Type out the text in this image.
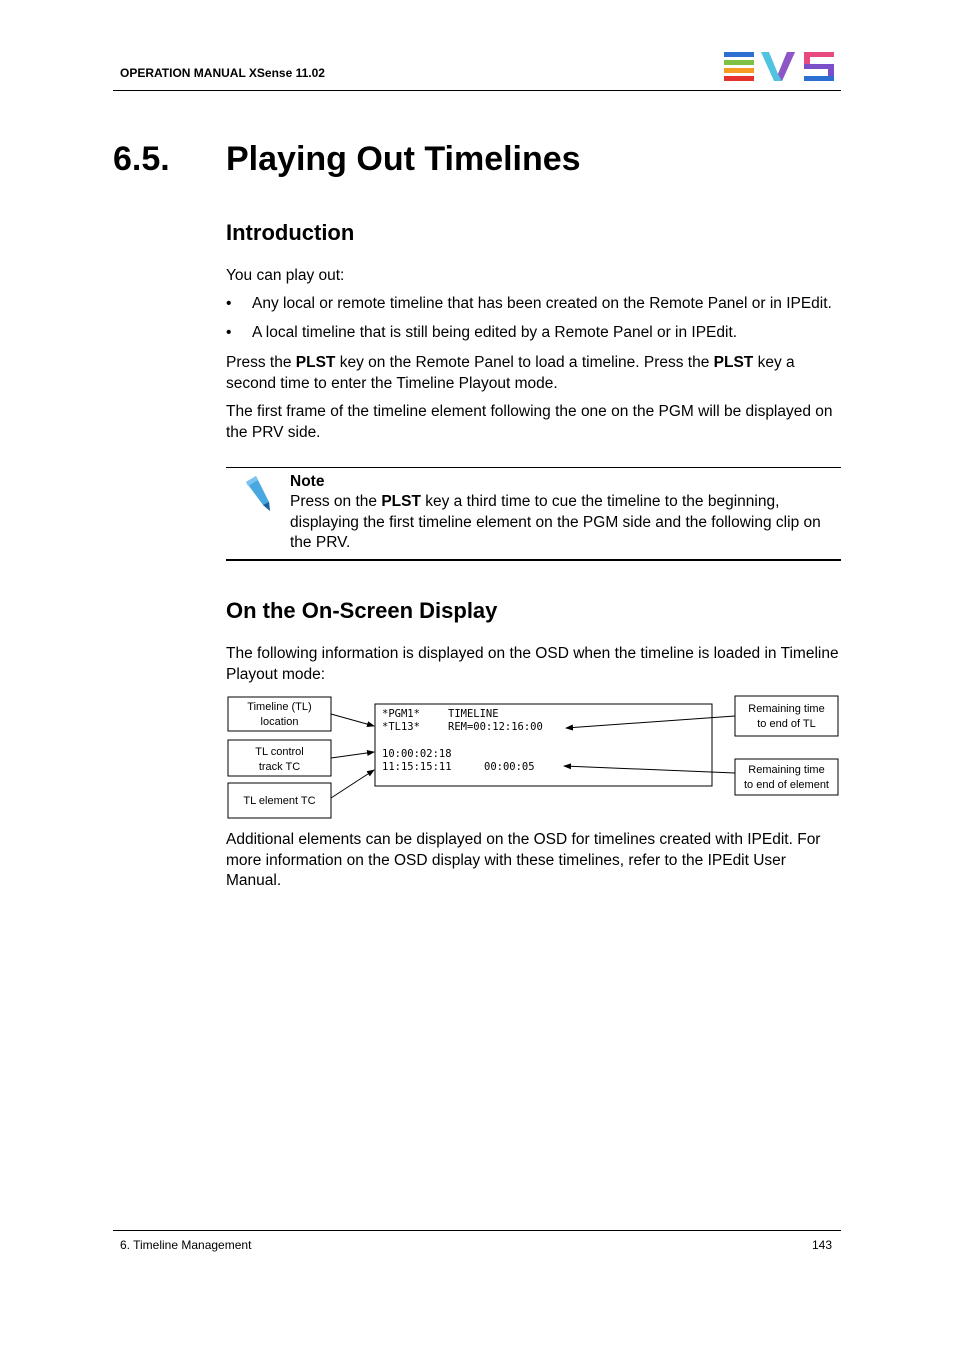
OPERATION MANUAL XSense 11.02
6.5. Playing Out Timelines
Introduction
You can play out:
• Any local or remote timeline that has been created on the Remote Panel or in IPEdit.
• A local timeline that is still being edited by a Remote Panel or in IPEdit.
Press the PLST key on the Remote Panel to load a timeline. Press the PLST key a second time to enter the Timeline Playout mode.
The first frame of the timeline element following the one on the PGM will be displayed on the PRV side.
Note
Press on the PLST key a third time to cue the timeline to the beginning, displaying the first timeline element on the PGM side and the following clip on the PRV.
On the On-Screen Display
The following information is displayed on the OSD when the timeline is loaded in Timeline Playout mode:
Timeline (TL)
location
TL control
track TC
TL element TC
*PGM1*	TIMELINE
*TL13*	REM=00:12:16:00
10:00:02:18
11:15:15:11	00:00:05
Remaining time
to end of TL
Remaining time
to end of element
Additional elements can be displayed on the OSD for timelines created with IPEdit. For more information on the OSD display with these timelines, refer to the IPEdit User Manual.
6. Timeline Management	143
